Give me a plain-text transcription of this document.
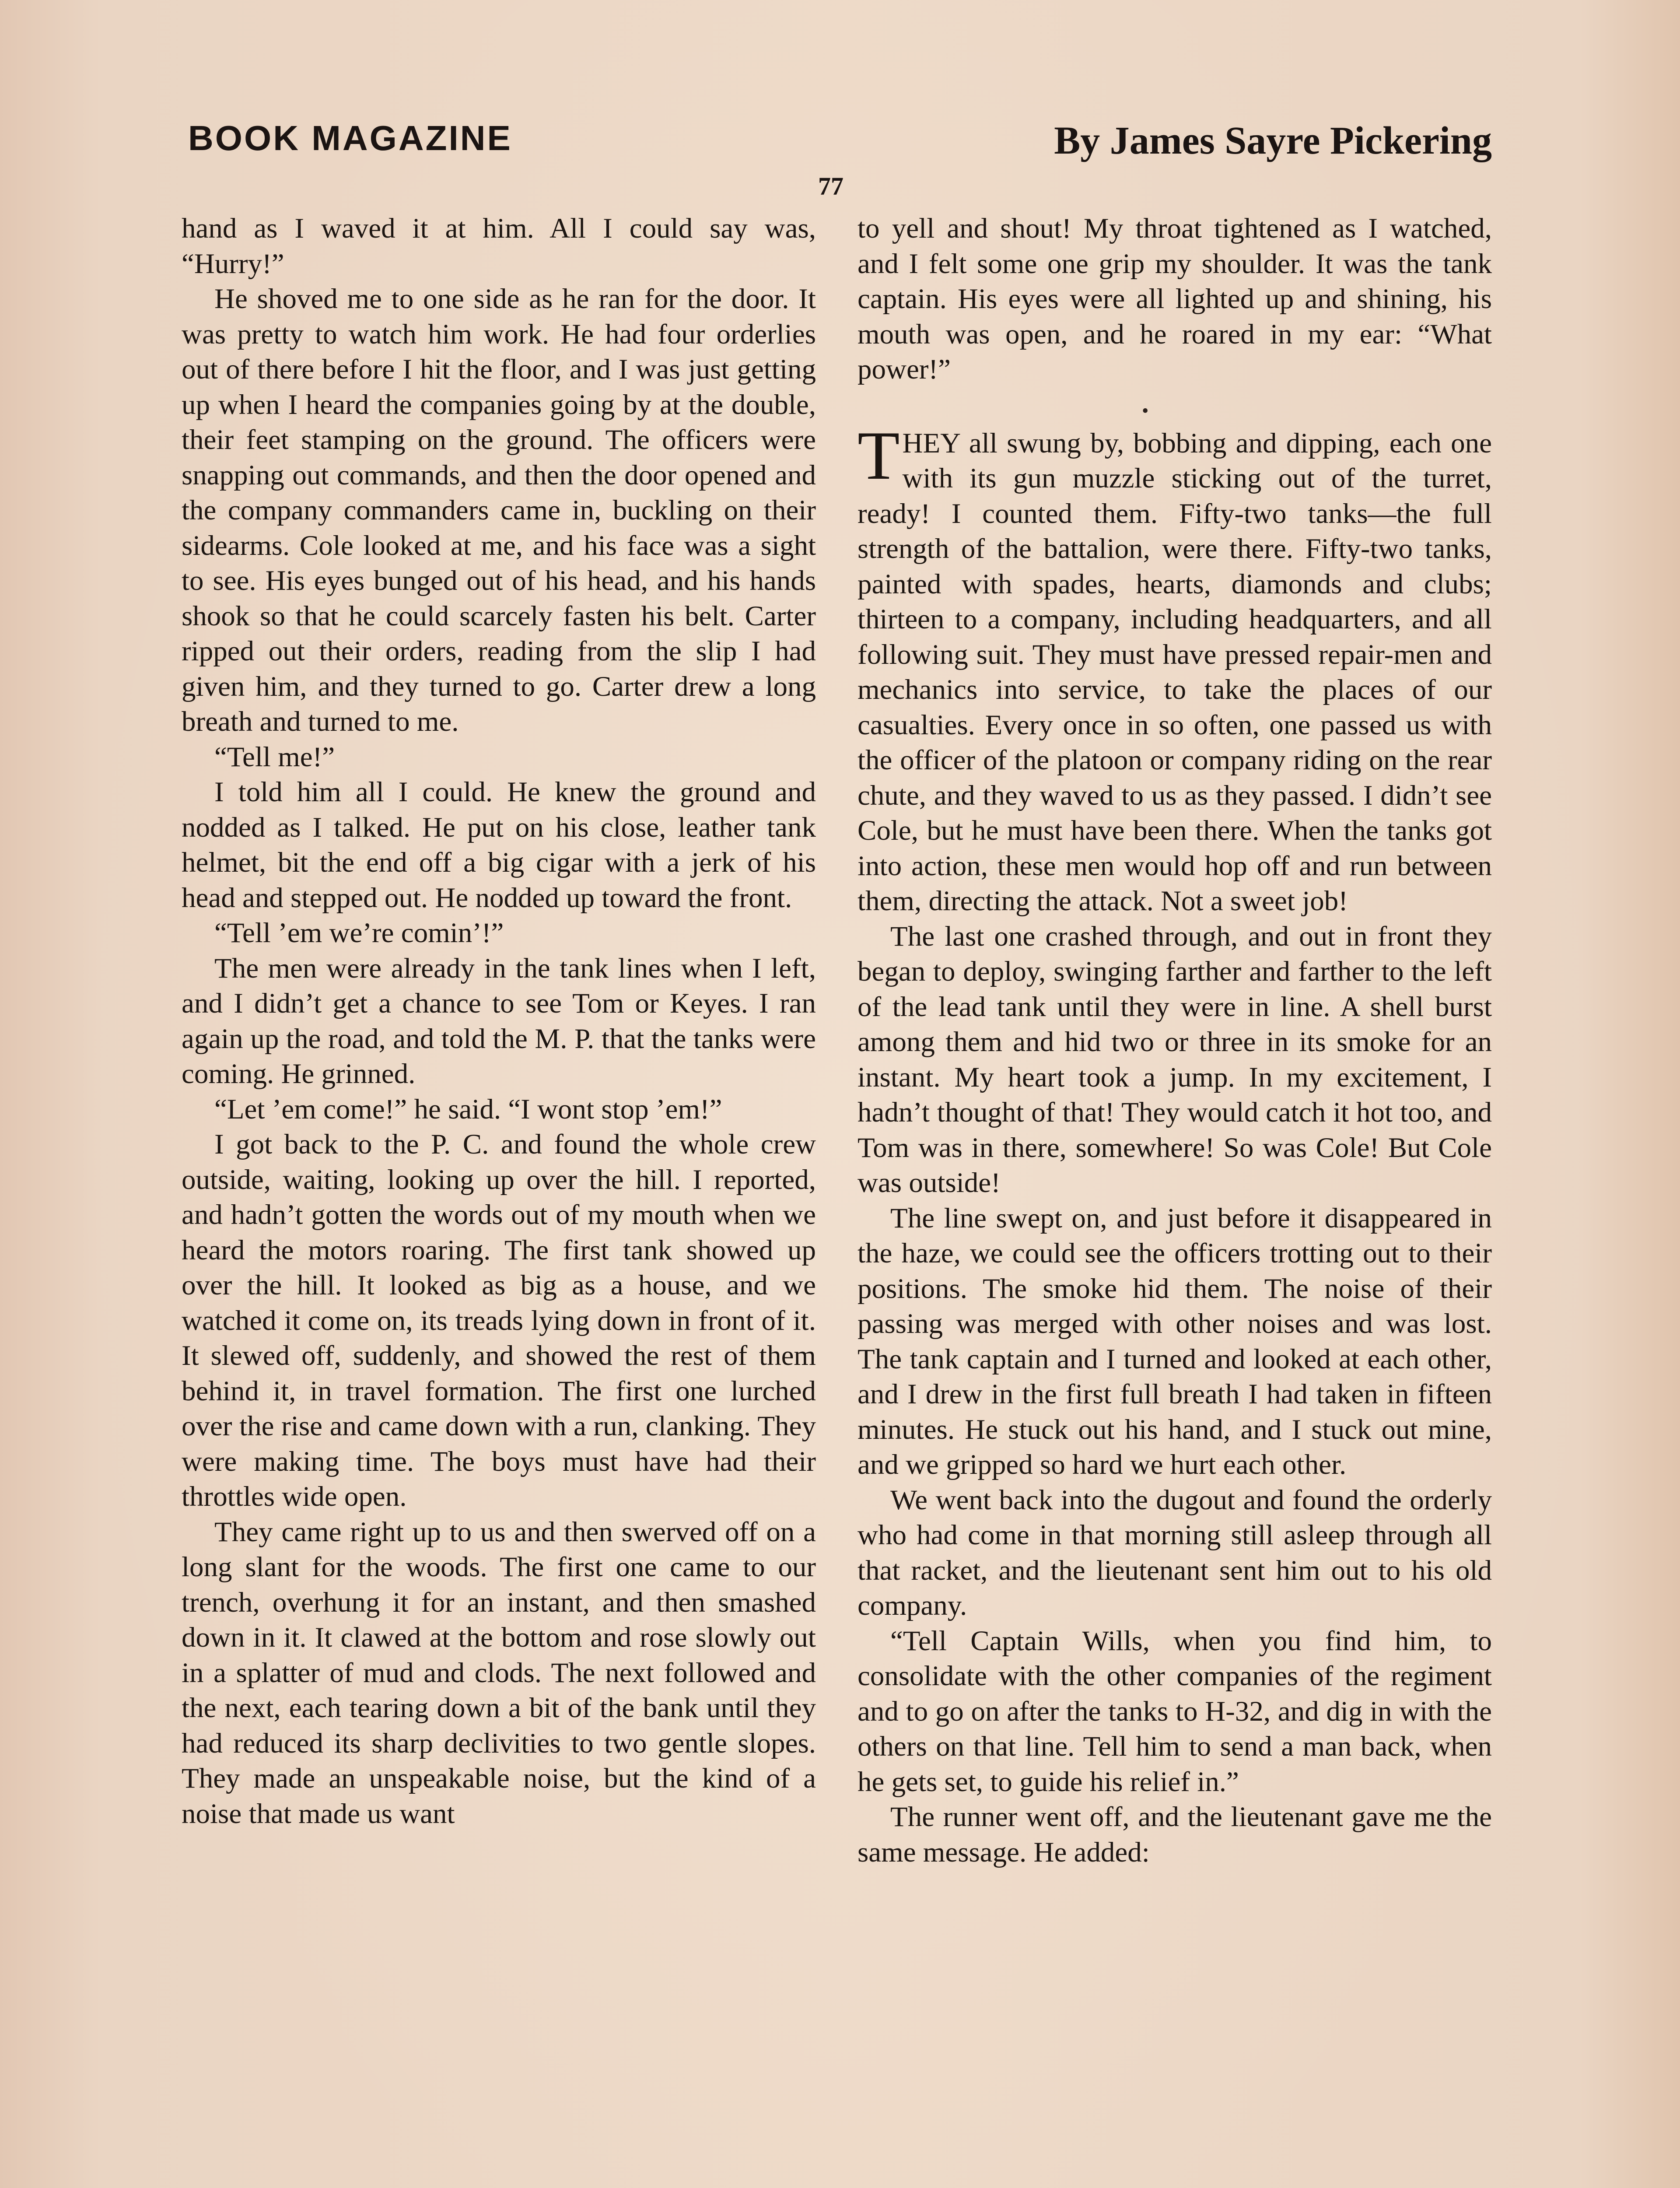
BOOK MAGAZINE	By James Sayre Pickering
77

hand as I waved it at him. All I could say was, “Hurry!”

He shoved me to one side as he ran for the door. It was pretty to watch him work. He had four orderlies out of there before I hit the floor, and I was just getting up when I heard the companies going by at the double, their feet stamping on the ground. The officers were snapping out commands, and then the door opened and the company commanders came in, buckling on their sidearms. Cole looked at me, and his face was a sight to see. His eyes bunged out of his head, and his hands shook so that he could scarcely fasten his belt. Carter ripped out their orders, reading from the slip I had given him, and they turned to go. Carter drew a long breath and turned to me.

“Tell me!”

I told him all I could. He knew the ground and nodded as I talked. He put on his close, leather tank helmet, bit the end off a big cigar with a jerk of his head and stepped out. He nodded up toward the front.

“Tell ’em we’re comin’!”

The men were already in the tank lines when I left, and I didn’t get a chance to see Tom or Keyes. I ran again up the road, and told the M. P. that the tanks were coming. He grinned.

“Let ’em come!” he said. “I wont stop ’em!”

I got back to the P. C. and found the whole crew outside, waiting, looking up over the hill. I reported, and hadn’t gotten the words out of my mouth when we heard the motors roaring. The first tank showed up over the hill. It looked as big as a house, and we watched it come on, its treads lying down in front of it. It slewed off, suddenly, and showed the rest of them behind it, in travel formation. The first one lurched over the rise and came down with a run, clanking. They were making time. The boys must have had their throttles wide open.

They came right up to us and then swerved off on a long slant for the woods. The first one came to our trench, overhung it for an instant, and then smashed down in it. It clawed at the bottom and rose slowly out in a splatter of mud and clods. The next followed and the next, each tearing down a bit of the bank until they had reduced its sharp declivities to two gentle slopes. They made an unspeakable noise, but the kind of a noise that made us want

to yell and shout! My throat tightened as I watched, and I felt some one grip my shoulder. It was the tank captain. His eyes were all lighted up and shining, his mouth was open, and he roared in my ear: “What power!”

•

THEY all swung by, bobbing and dipping, each one with its gun muzzle sticking out of the turret, ready! I counted them. Fifty-two tanks—the full strength of the battalion, were there. Fifty-two tanks, painted with spades, hearts, diamonds and clubs; thirteen to a company, including headquarters, and all following suit. They must have pressed repair-men and mechanics into service, to take the places of our casualties. Every once in so often, one passed us with the officer of the platoon or company riding on the rear chute, and they waved to us as they passed. I didn’t see Cole, but he must have been there. When the tanks got into action, these men would hop off and run between them, directing the attack. Not a sweet job!

The last one crashed through, and out in front they began to deploy, swinging farther and farther to the left of the lead tank until they were in line. A shell burst among them and hid two or three in its smoke for an instant. My heart took a jump. In my excitement, I hadn’t thought of that! They would catch it hot too, and Tom was in there, somewhere! So was Cole! But Cole was outside!

The line swept on, and just before it disappeared in the haze, we could see the officers trotting out to their positions. The smoke hid them. The noise of their passing was merged with other noises and was lost. The tank captain and I turned and looked at each other, and I drew in the first full breath I had taken in fifteen minutes. He stuck out his hand, and I stuck out mine, and we gripped so hard we hurt each other.

We went back into the dugout and found the orderly who had come in that morning still asleep through all that racket, and the lieutenant sent him out to his old company.

“Tell Captain Wills, when you find him, to consolidate with the other companies of the regiment and to go on after the tanks to H-32, and dig in with the others on that line. Tell him to send a man back, when he gets set, to guide his relief in.”

The runner went off, and the lieutenant gave me the same message. He added:
